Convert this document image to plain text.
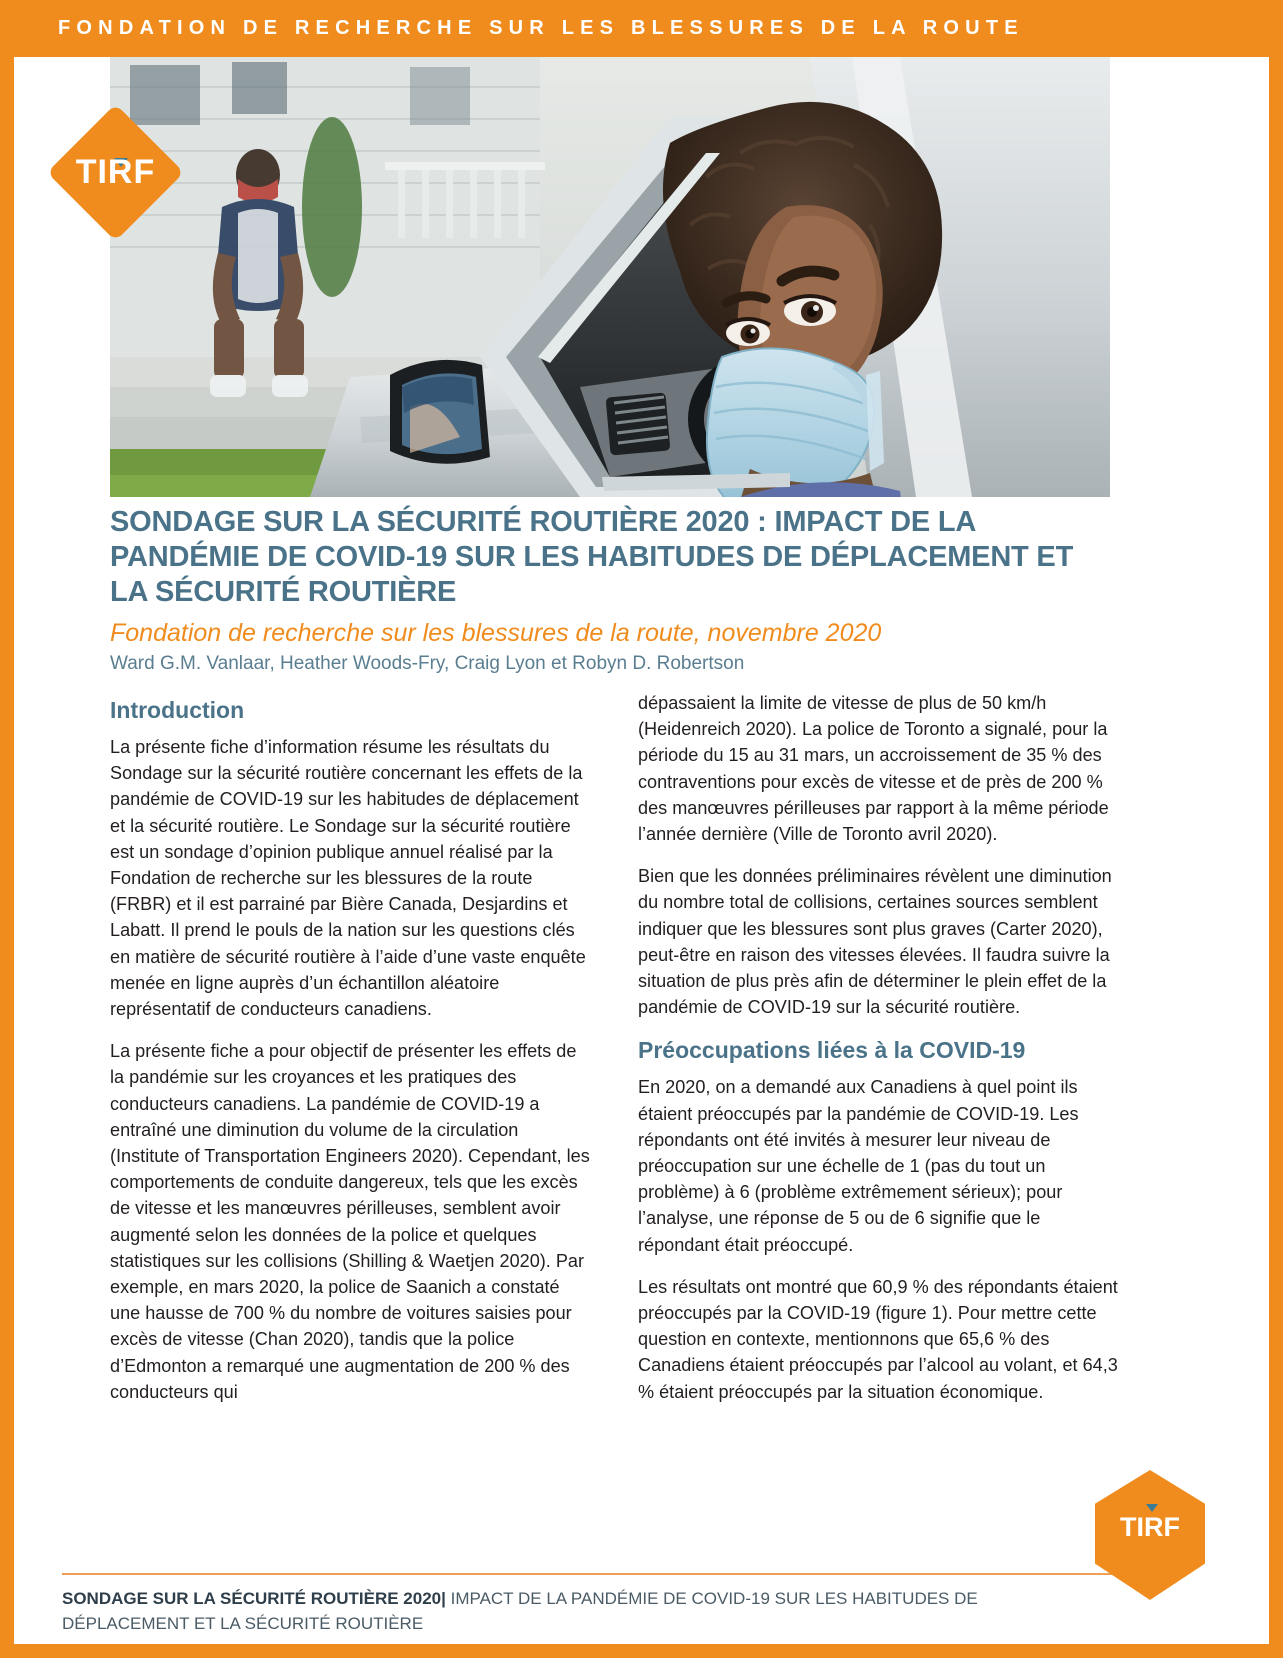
FONDATION DE RECHERCHE SUR LES BLESSURES DE LA ROUTE
TIRF
SONDAGE SUR LA SÉCURITÉ ROUTIÈRE 2020 : IMPACT DE LA PANDÉMIE DE COVID-19 SUR LES HABITUDES DE DÉPLACEMENT ET LA SÉCURITÉ ROUTIÈRE

Fondation de recherche sur les blessures de la route, novembre 2020

Ward G.M. Vanlaar, Heather Woods-Fry, Craig Lyon et Robyn D. Robertson

Introduction

La présente fiche d’information résume les résultats du Sondage sur la sécurité routière concernant les effets de la pandémie de COVID-19 sur les habitudes de déplacement et la sécurité routière. Le Sondage sur la sécurité routière est un sondage d’opinion publique annuel réalisé par la Fondation de recherche sur les blessures de la route (FRBR) et il est parrainé par Bière Canada, Desjardins et Labatt. Il prend le pouls de la nation sur les questions clés en matière de sécurité routière à l’aide d’une vaste enquête menée en ligne auprès d’un échantillon aléatoire représentatif de conducteurs canadiens.

La présente fiche a pour objectif de présenter les effets de la pandémie sur les croyances et les pratiques des conducteurs canadiens. La pandémie de COVID-19 a entraîné une diminution du volume de la circulation (Institute of Transportation Engineers 2020). Cependant, les comportements de conduite dangereux, tels que les excès de vitesse et les manœuvres périlleuses, semblent avoir augmenté selon les données de la police et quelques statistiques sur les collisions (Shilling & Waetjen 2020). Par exemple, en mars 2020, la police de Saanich a constaté une hausse de 700 % du nombre de voitures saisies pour excès de vitesse (Chan 2020), tandis que la police d’Edmonton a remarqué une augmentation de 200 % des conducteurs qui

dépassaient la limite de vitesse de plus de 50 km/h (Heidenreich 2020). La police de Toronto a signalé, pour la période du 15 au 31 mars, un accroissement de 35 % des contraventions pour excès de vitesse et de près de 200 % des manœuvres périlleuses par rapport à la même période l’année dernière (Ville de Toronto avril 2020).

Bien que les données préliminaires révèlent une diminution du nombre total de collisions, certaines sources semblent indiquer que les blessures sont plus graves (Carter 2020), peut-être en raison des vitesses élevées. Il faudra suivre la situation de plus près afin de déterminer le plein effet de la pandémie de COVID-19 sur la sécurité routière.

Préoccupations liées à la COVID-19

En 2020, on a demandé aux Canadiens à quel point ils étaient préoccupés par la pandémie de COVID-19. Les répondants ont été invités à mesurer leur niveau de préoccupation sur une échelle de 1 (pas du tout un problème) à 6 (problème extrêmement sérieux); pour l’analyse, une réponse de 5 ou de 6 signifie que le répondant était préoccupé.

Les résultats ont montré que 60,9 % des répondants étaient préoccupés par la COVID-19 (figure 1). Pour mettre cette question en contexte, mentionnons que 65,6 % des Canadiens étaient préoccupés par l’alcool au volant, et 64,3 % étaient préoccupés par la situation économique.

SONDAGE SUR LA SÉCURITÉ ROUTIÈRE 2020| IMPACT DE LA PANDÉMIE DE COVID-19 SUR LES HABITUDES DE DÉPLACEMENT ET LA SÉCURITÉ ROUTIÈRE
TIRF
